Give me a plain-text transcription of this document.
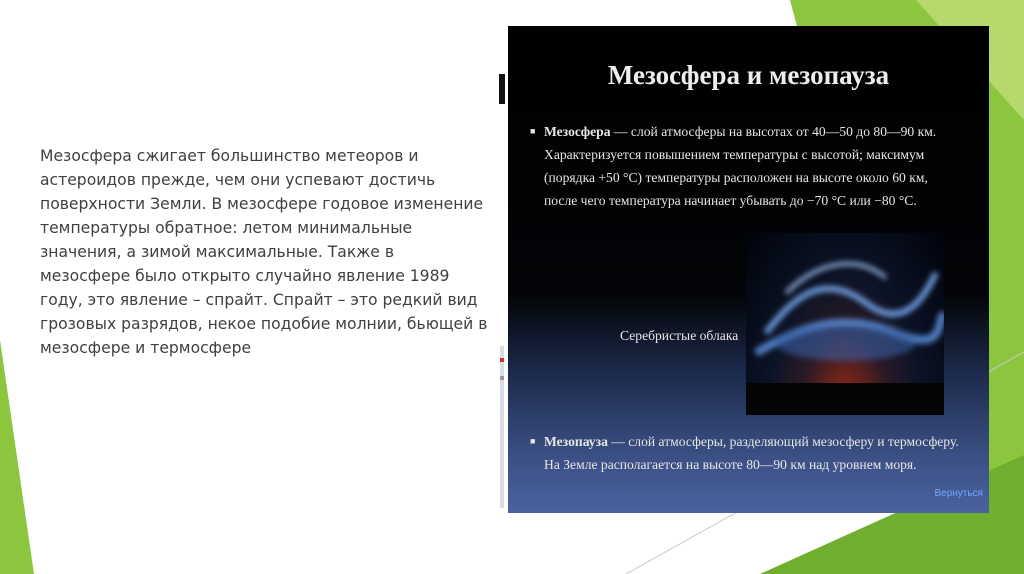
Мезосфера сжигает большинство метеоров и астероидов прежде, чем они успевают достичь поверхности Земли. В мезосфере годовое изменение температуры обратное: летом минимальные значения, а зимой максимальные. Также в мезосфере было открыто случайно явление 1989 году, это явление – спрайт. Спрайт – это редкий вид грозовых разрядов, некое подобие молнии, бьющей в мезосфере и термосфере

Мезосфера и мезопауза
■ Мезосфера — слой атмосферы на высотах от 40—50 до 80—90 км. Характеризуется повышением температуры с высотой; максимум (порядка +50 °C) температуры расположен на высоте около 60 км, после чего температура начинает убывать до −70 °C или −80 °C.
Серебристые облака
■ Мезопауза — слой атмосферы, разделяющий мезосферу и термосферу. На Земле располагается на высоте 80—90 км над уровнем моря.
Вернуться
